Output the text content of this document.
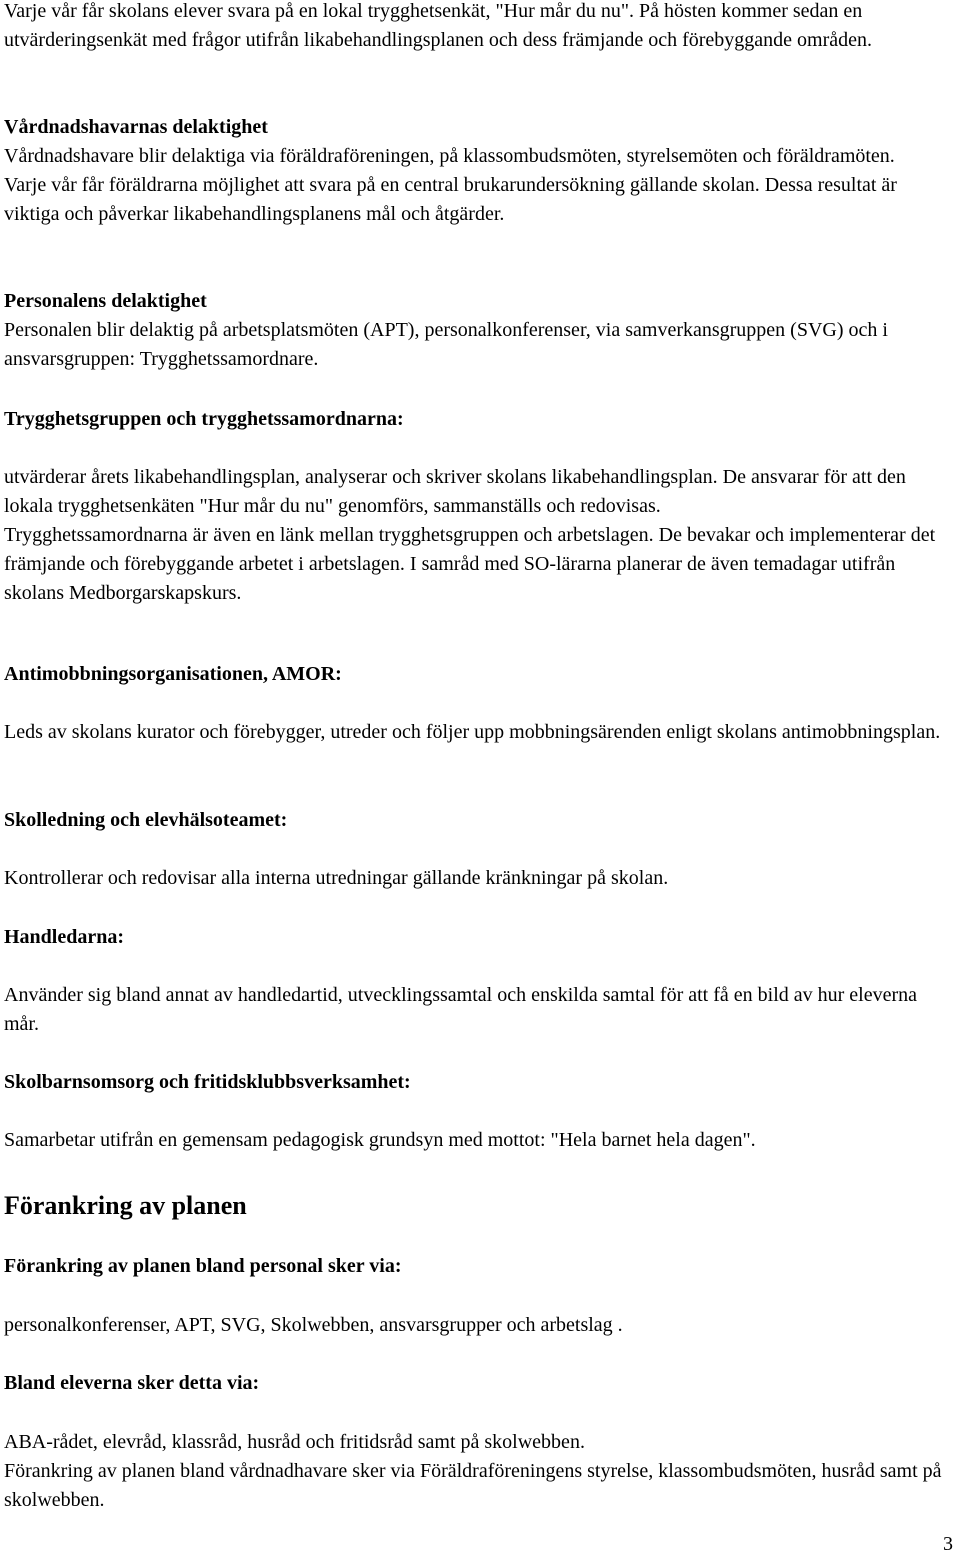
Varje vår får skolans elever svara på en lokal trygghetsenkät, "Hur mår du nu". På hösten kommer sedan en utvärderingsenkät med frågor utifrån likabehandlingsplanen och dess främjande och förebyggande områden.

Vårdnadshavarnas delaktighet

Vårdnadshavare blir delaktiga via föräldraföreningen, på klassombudsmöten, styrelsemöten och föräldramöten.

Varje vår får föräldrarna möjlighet att svara på en central brukarundersökning gällande skolan. Dessa resultat är viktiga och påverkar likabehandlingsplanens mål och åtgärder.

Personalens delaktighet

Personalen blir delaktig på arbetsplatsmöten (APT), personalkonferenser, via samverkansgruppen (SVG) och i ansvarsgruppen: Trygghetssamordnare.

Trygghetsgruppen och trygghetssamordnarna:

utvärderar årets likabehandlingsplan, analyserar och skriver skolans likabehandlingsplan. De ansvarar för att den lokala trygghetsenkäten "Hur mår du nu" genomförs, sammanställs och redovisas.

Trygghetssamordnarna är även en länk mellan trygghetsgruppen och arbetslagen. De bevakar och implementerar det främjande och förebyggande arbetet i arbetslagen. I samråd med SO-lärarna planerar de även temadagar utifrån skolans Medborgarskapskurs.

Antimobbningsorganisationen, AMOR:

Leds av skolans kurator och förebygger, utreder och följer upp mobbningsärenden enligt skolans antimobbningsplan.

Skolledning och elevhälsoteamet:

Kontrollerar och redovisar alla interna utredningar gällande kränkningar på skolan.

Handledarna:

Använder sig bland annat av handledartid, utvecklingssamtal och enskilda samtal för att få en bild av hur eleverna mår.

Skolbarnsomsorg och fritidsklubbsverksamhet:

Samarbetar utifrån en gemensam pedagogisk grundsyn med mottot: "Hela barnet hela dagen".

Förankring av planen

Förankring av planen bland personal sker via:

personalkonferenser, APT, SVG, Skolwebben, ansvarsgrupper och arbetslag .

Bland eleverna sker detta via:

ABA-rådet, elevråd, klassråd, husråd och fritidsråd samt på skolwebben.

Förankring av planen bland vårdnadhavare sker via Föräldraföreningens styrelse, klassombudsmöten, husråd samt på skolwebben.

3
